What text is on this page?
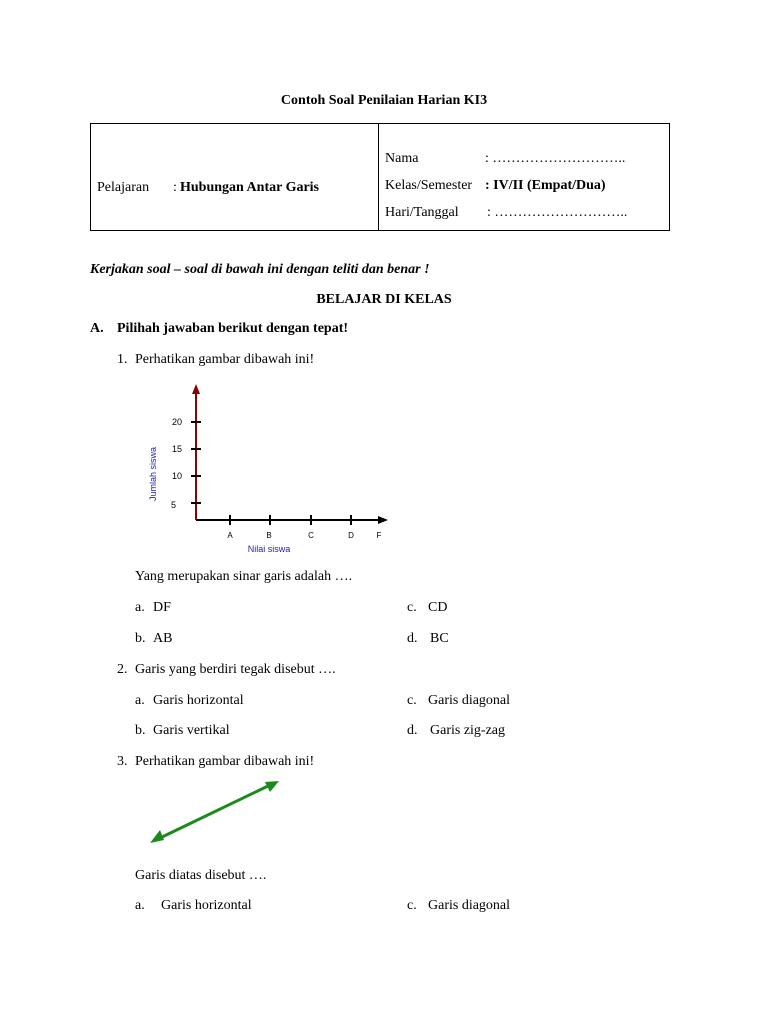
Contoh Soal Penilaian Harian KI3
Pelajaran : Hubungan Antar Garis
Nama	: ………………………..
Kelas/Semester : IV/II (Empat/Dua)
Hari/Tanggal : ………………………..
Kerjakan soal – soal di bawah ini dengan teliti dan benar !
BELAJAR DI KELAS
A. Pilihah jawaban berikut dengan tepat!
1. Perhatikan gambar dibawah ini!
20
15
10
5
A	B	C	D	F
Nilai siswa
Jumlah siswa
Yang merupakan sinar garis adalah ….
a. DF	c. CD
b. AB	d. BC
2. Garis yang berdiri tegak disebut ….
a. Garis horizontal	c. Garis diagonal
b. Garis vertikal	d. Garis zig-zag
3. Perhatikan gambar dibawah ini!
Garis diatas disebut ….
a. Garis horizontal	c. Garis diagonal
